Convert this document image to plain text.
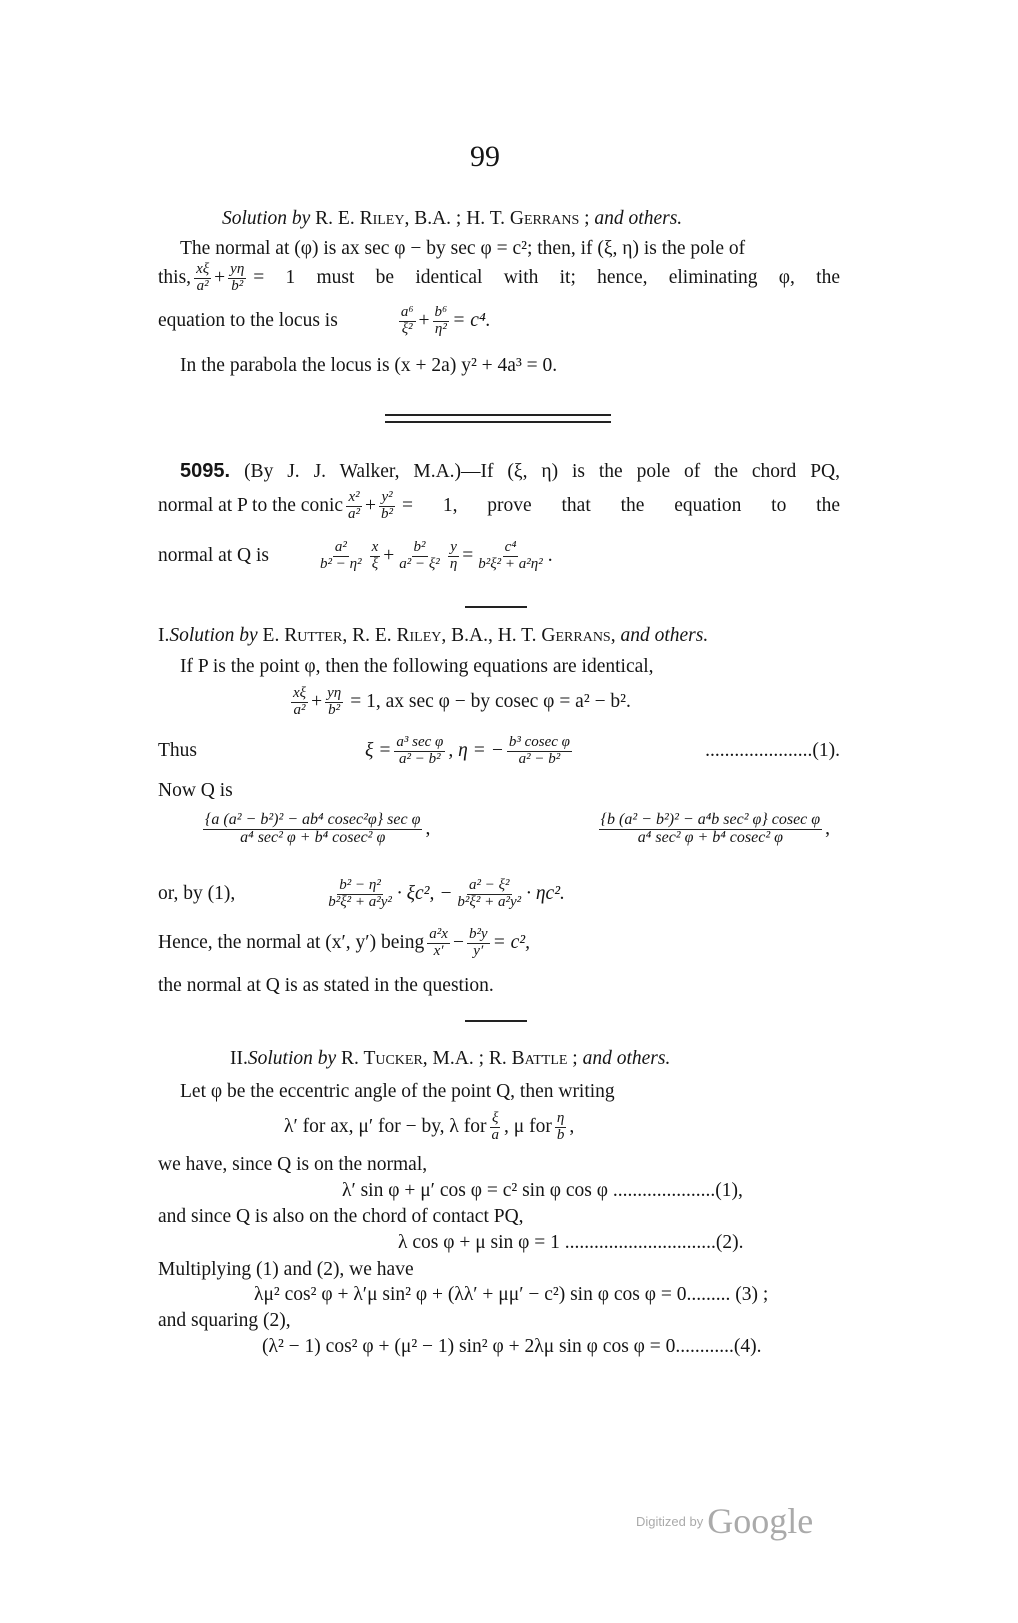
99
Solution by
R. E. Riley, B.A. ; H. T. Gerrans ;
and others.
The normal at (φ) is ax sec φ − by sec φ = c²; then, if (ξ, η) is the pole of
this, $\frac{x\xi}{\text{a²}} + \frac{y\eta}{\text{b²}} = 1$ must be identical with it; hence, eliminating φ, the
equation to the locus is	$\frac{\text{a⁶}}{\text{ξ²}} + \frac{\text{b⁶}}{\text{η²}} = c^4$.
In the parabola the locus is (x + 2a) y² + 4a³ = 0.
5095. (By J. J. Walker, M.A.)—If (ξ, η) is the pole of the chord PQ,
normal at P to the conic $\frac{\text{x²}}{\text{a²}} + \frac{\text{y²}}{\text{b²}} = 1$, prove that the equation to the
normal at Q is	$\frac{\text{a²}}{\text{b² − η²}} \frac{x}{\xi} + \frac{\text{b²}}{\text{a² − ξ²}} \frac{y}{\eta} = \frac{\text{c⁴}}{\text{b²ξ² + a²η²}}$ .
I. Solution by
E. Rutter, R. E. Riley, B.A., H. T. Gerrans,
and others.
If P is the point φ, then the following equations are identical,
$\frac{x\xi}{\text{a²}} + \frac{y\eta}{\text{b²}} = 1$, ax sec φ − by cosec φ = a² − b².
Thus	$\xi = \frac{\text{a³ sec φ}}{\text{a² − b²}}$ , η = − $\frac{\text{b³ cosec φ}}{\text{a² − b²}}$	......................(1).
Now Q is
$\frac{\text{\{a (a² − b²)² − ab⁴ cosec²φ\} sec φ}}{\text{a⁴ sec² φ + b⁴ cosec² φ}}$ ,	$\frac{\text{\{b (a² − b²)² − a⁴b sec² φ\} cosec φ}}{\text{a⁴ sec² φ + b⁴ cosec² φ}}$ ,
or, by (1),	$\frac{\text{b² − η²}}{\text{b²ξ² + a²y²}} \cdot \xi c^2$, − $\frac{\text{a² − ξ²}}{\text{b²ξ² + a²y²}} \cdot \eta c^2$.
Hence, the normal at (x′, y′) being $\frac{\text{a²x}}{x'} - \frac{\text{b²y}}{y'} = c^2$,
the normal at Q is as stated in the question.
II. Solution by
R. Tucker, M.A. ; R. Battle ;
and others.
Let φ be the eccentric angle of the point Q, then writing
λ′ for ax, μ′ for − by, λ for $\frac{\xi}{a}$ , μ for $\frac{\eta}{b}$ ,
we have, since Q is on the normal,
λ′ sin φ + μ′ cos φ = c² sin φ cos φ .....................(1),
and since Q is also on the chord of contact PQ,
λ cos φ + μ sin φ = 1 ...............................(2).
Multiplying (1) and (2), we have
λμ² cos² φ + λ′μ sin² φ + (λλ′ + μμ′ − c²) sin φ cos φ = 0......... (3) ;
and squaring (2),
(λ² − 1) cos² φ + (μ² − 1) sin² φ + 2λμ sin φ cos φ = 0............(4).
Digitized by Google
